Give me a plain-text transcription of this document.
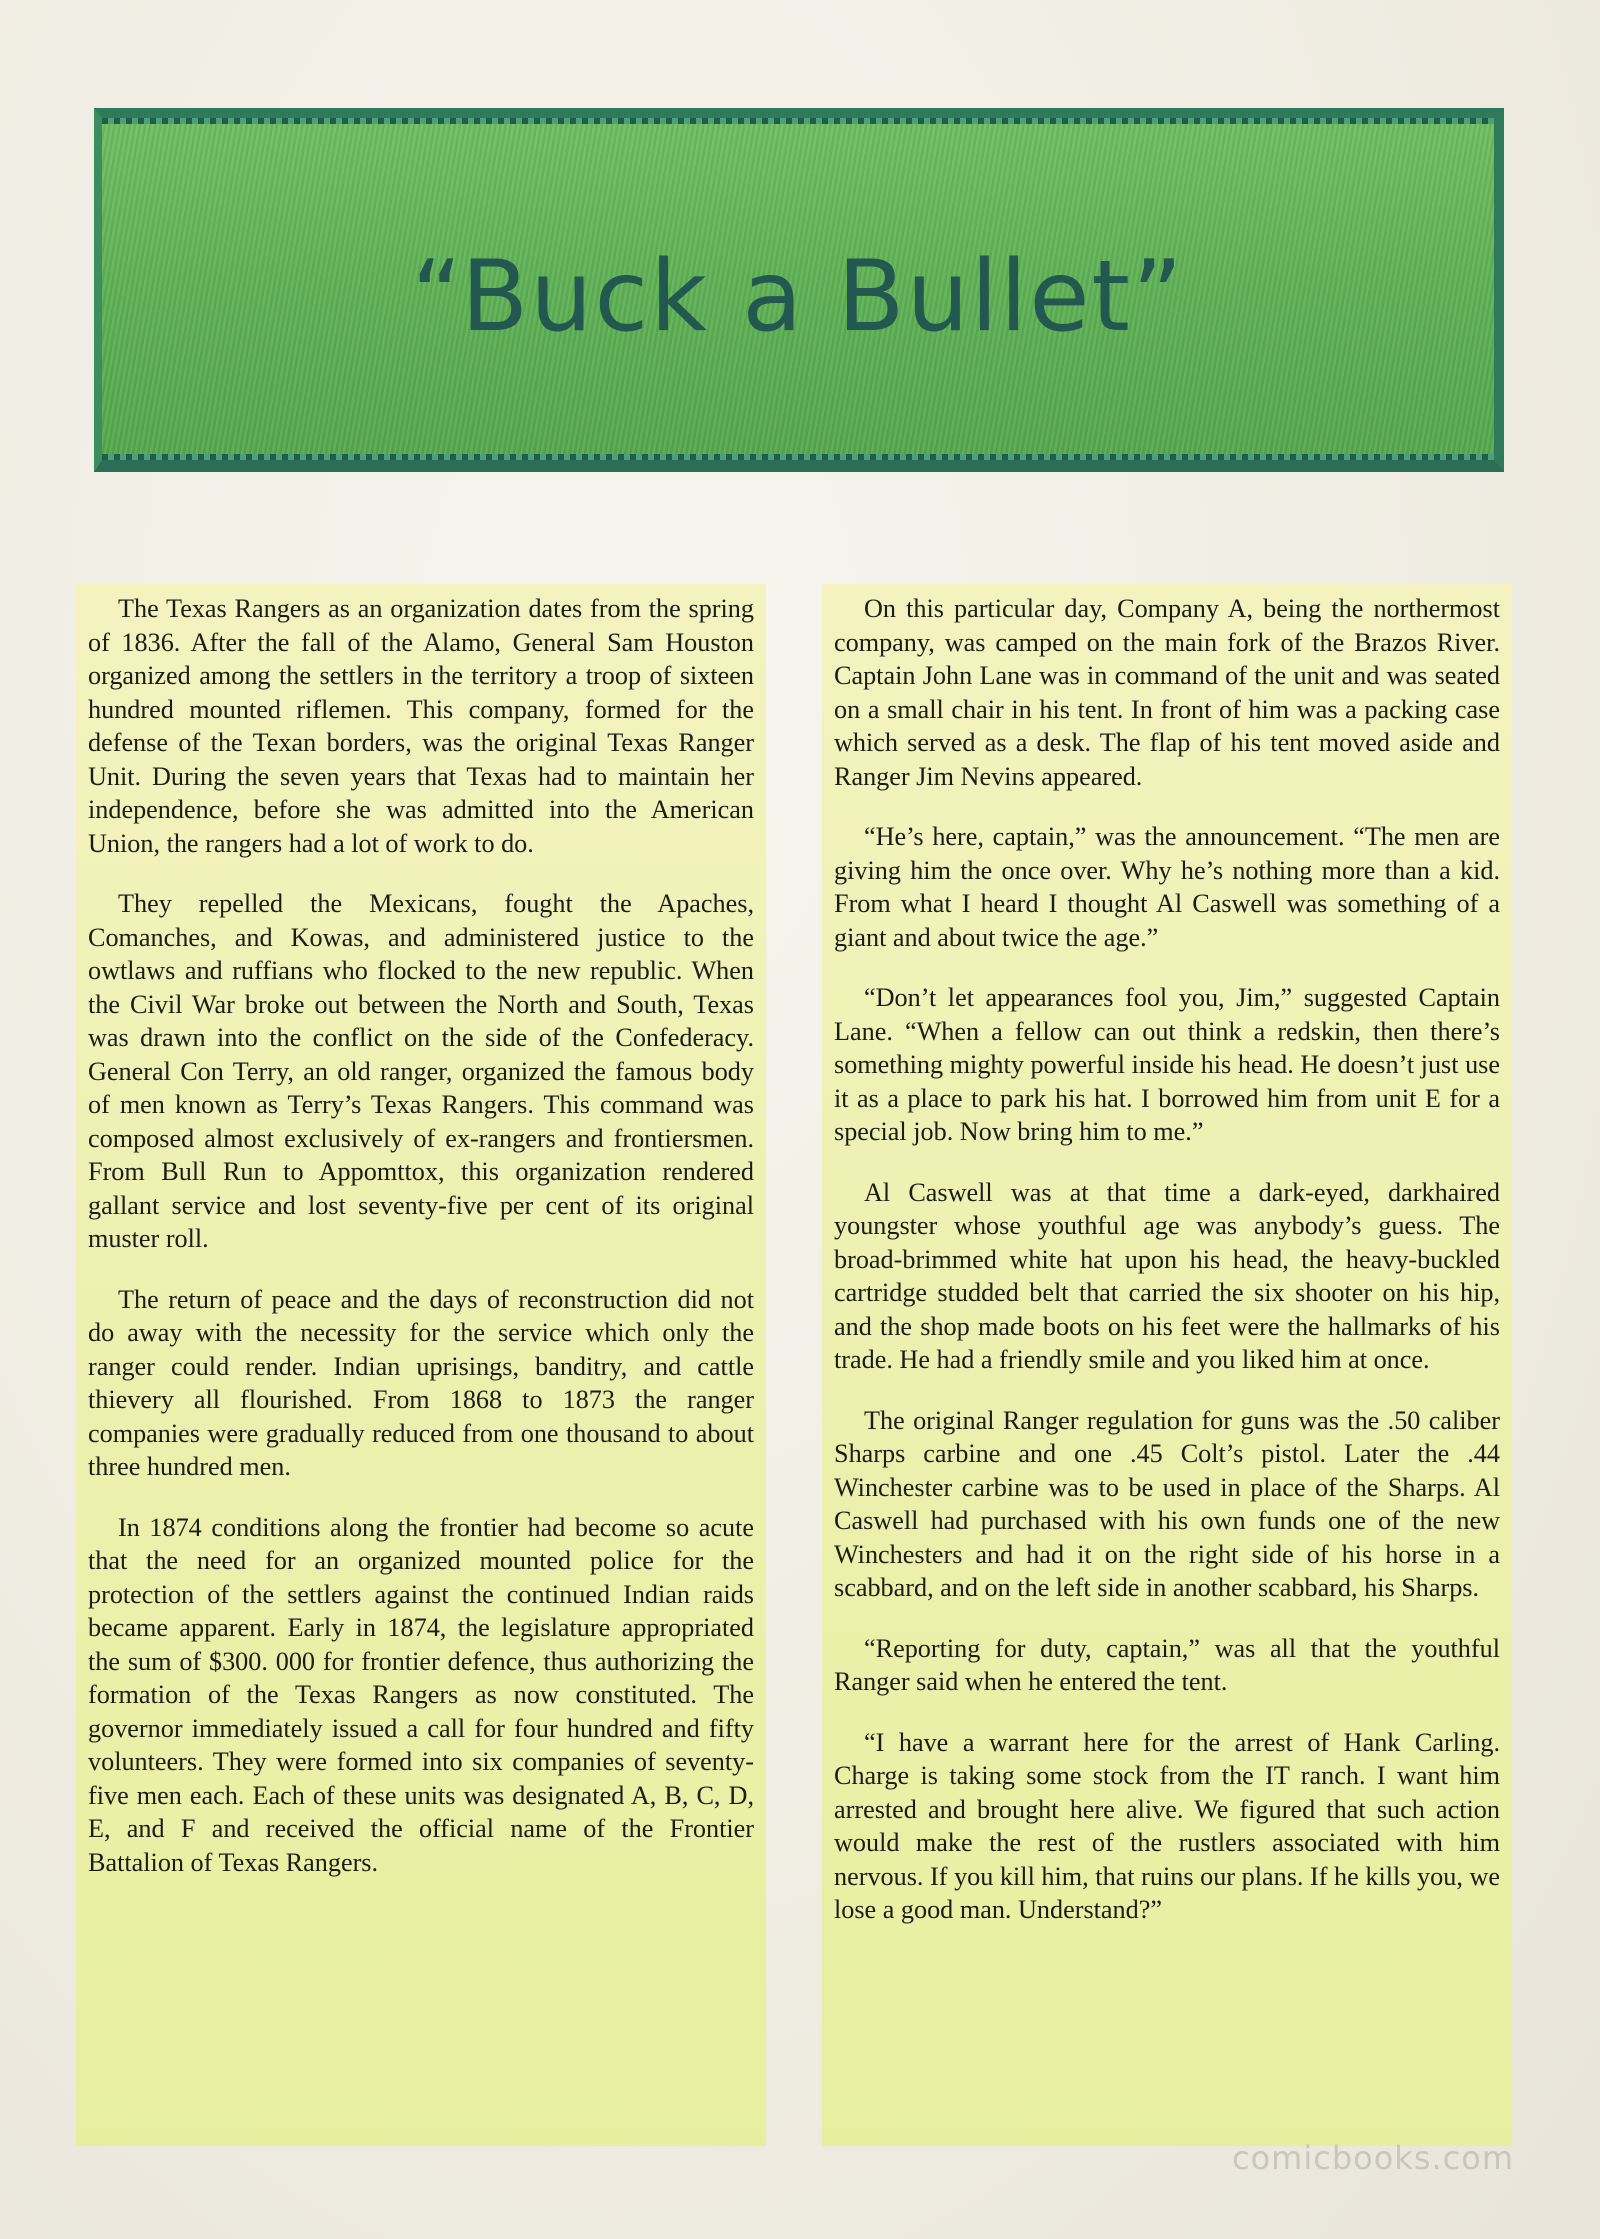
“Buck a Bullet”

The Texas Rangers as an organization dates from the spring of 1836. After the fall of the Alamo, General Sam Houston organized among the settlers in the territory a troop of sixteen hundred mounted riflemen. This company, formed for the defense of the Texan borders, was the original Texas Ranger Unit. During the seven years that Texas had to maintain her independence, before she was admitted into the American Union, the rangers had a lot of work to do.

They repelled the Mexicans, fought the Apaches, Comanches, and Kowas, and administered justice to the owtlaws and ruffians who flocked to the new republic. When the Civil War broke out between the North and South, Texas was drawn into the conflict on the side of the Confederacy. General Con Terry, an old ranger, organized the famous body of men known as Terry’s Texas Rangers. This command was composed almost exclusively of ex-rangers and frontiersmen. From Bull Run to Appomttox, this organization rendered gallant service and lost seventy-five per cent of its original muster roll.

The return of peace and the days of reconstruction did not do away with the necessity for the service which only the ranger could render. Indian uprisings, banditry, and cattle thievery all flourished. From 1868 to 1873 the ranger companies were gradually reduced from one thousand to about three hundred men.

In 1874 conditions along the frontier had become so acute that the need for an organized mounted police for the protection of the settlers against the continued Indian raids became apparent. Early in 1874, the legislature appropriated the sum of $300. 000 for frontier defence, thus authorizing the formation of the Texas Rangers as now constituted. The governor immediately issued a call for four hundred and fifty volunteers. They were formed into six companies of seventy-five men each. Each of these units was designated A, B, C, D, E, and F and received the official name of the Frontier Battalion of Texas Rangers.

On this particular day, Company A, being the northermost company, was camped on the main fork of the Brazos River. Captain John Lane was in command of the unit and was seated on a small chair in his tent. In front of him was a packing case which served as a desk. The flap of his tent moved aside and Ranger Jim Nevins appeared.

“He’s here, captain,” was the announcement. “The men are giving him the once over. Why he’s nothing more than a kid. From what I heard I thought Al Caswell was something of a giant and about twice the age.”

“Don’t let appearances fool you, Jim,” suggested Captain Lane. “When a fellow can out think a redskin, then there’s something mighty powerful inside his head. He doesn’t just use it as a place to park his hat. I borrowed him from unit E for a special job. Now bring him to me.”

Al Caswell was at that time a dark-eyed, darkhaired youngster whose youthful age was anybody’s guess. The broad-brimmed white hat upon his head, the heavy-buckled cartridge studded belt that carried the six shooter on his hip, and the shop made boots on his feet were the hallmarks of his trade. He had a friendly smile and you liked him at once.

The original Ranger regulation for guns was the .50 caliber Sharps carbine and one .45 Colt’s pistol. Later the .44 Winchester carbine was to be used in place of the Sharps. Al Caswell had purchased with his own funds one of the new Winchesters and had it on the right side of his horse in a scabbard, and on the left side in another scabbard, his Sharps.

“Reporting for duty, captain,” was all that the youthful Ranger said when he entered the tent.

“I have a warrant here for the arrest of Hank Carling. Charge is taking some stock from the IT ranch. I want him arrested and brought here alive. We figured that such action would make the rest of the rustlers associated with him nervous. If you kill him, that ruins our plans. If he kills you, we lose a good man. Understand?”

comicbooks.com
